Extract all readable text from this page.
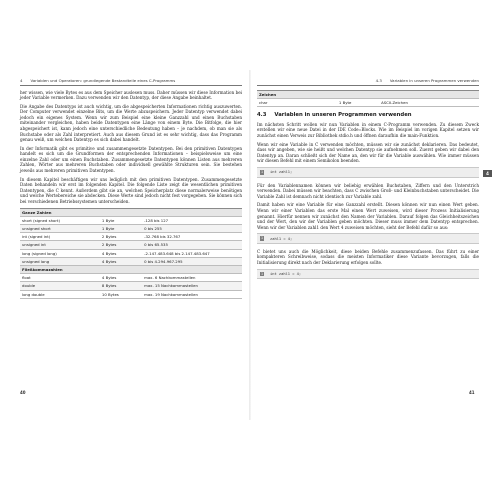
4 Variablen und Operatoren: grundlegende Bestandteile eines C-Programms

her wissen, wie viele Bytes es aus dem Speicher auslesen muss. Daher müssen wir diese Information bei jeder Variable vermerken. Dazu verwenden wir den Datentyp, der diese Angabe beinhaltet.

Die Angabe des Datentyps ist auch wichtig, um die abgespeicherten Informationen richtig auszuwerten. Der Computer verwendet einzelne Bits, um die Werte abzuspeichern. Jeder Datentyp verwendet dabei jedoch ein eigenes System. Wenn wir zum Beispiel eine kleine Ganzzahl und einen Buchstaben miteinander vergleichen, haben beide Datentypen eine Länge von einem Byte. Die Bitfolge, die hier abgespeichert ist, kann jedoch eine unterschiedliche Bedeutung haben – je nachdem, ob man sie als Buchstabe oder als Zahl interpretiert. Auch aus diesem Grund ist es sehr wichtig, dass das Programm genau weiß, um welchen Datentyp es sich dabei handelt.

In der Informatik gibt es primitive und zusammengesetzte Datentypen. Bei den primitiven Datentypen handelt es sich um die Grundformen der entsprechenden Informationen – beispielsweise um eine einzelne Zahl oder um einen Buchstaben. Zusammengesetzte Datentypen können Listen aus mehreren Zahlen, Wörter aus mehreren Buchstaben oder individuell gewählte Strukturen sein. Sie bestehen jeweils aus mehreren primitiven Datentypen.

In diesem Kapitel beschäftigen wir uns lediglich mit den primitiven Datentypen. Zusammengesetzte Daten behandeln wir erst im folgenden Kapitel. Die folgende Liste zeigt die wesentlichen primitiven Datentypen, die C kennt. Außerdem gibt sie an, welchen Speicherplatz diese normalerweise benötigen und welche Wertebereiche sie abdecken. Diese Werte sind jedoch nicht fest vorgegeben. Sie können sich bei verschiedenen Betriebssystemen unterscheiden.

Ganze Zahlen		
short (signed short)	1 Byte	-128 bis 127
unsigned short	1 Byte	0 bis 255
int (signed int)	2 Bytes	-32.768 bis 32.767
unsigned int	2 Bytes	0 bis 65.535
long (signed long)	4 Bytes	-2.147.483.648 bis 2.147.483.647
unsigned long	4 Bytes	0 bis 4.294.967.295
Fließkommazahlen		
float	4 Bytes	max. 6 Nachkommastellen
double	8 Bytes	max. 15 Nachkommastellen
long double	10 Bytes	max. 19 Nachkommastellen
40
4.3 Variablen in unseren Programmen verwenden
Zeichen
char	1 Byte	ASCII-Zeichen
4.3 Variablen in unseren Programmen verwenden

Im nächsten Schritt wollen wir nun Variablen in einem C-Programm verwenden. Zu diesem Zweck erstellen wir eine neue Datei in der IDE Code::Blocks. Wie im Beispiel im vorigen Kapitel setzen wir zunächst einen Verweis zur Bibliothek stdio.h und öffnen daraufhin die main-Funktion.

Wenn wir eine Variable in C verwenden möchten, müssen wir sie zunächst deklarieren. Das bedeutet, dass wir angeben, wie sie heißt und welchen Datentyp sie aufnehmen soll. Zuerst geben wir dabei den Datentyp an. Daran schließt sich der Name an, den wir für die Variable auswählen. Wie immer müssen wir diesen Befehl mit einem Semikolon beenden.

1 int zahl1;

Für den Variablennamen können wir beliebig erwählen Buchstaben, Ziffern und den Unterstrich verwenden. Dabei müssen wir beachten, dass C zwischen Groß- und Kleinbuchstaben unterscheidet. Die Variable Zahl ist demnach nicht identisch zur Variable zahl.

Damit haben wir eine Variable für eine Ganzzahl erstellt. Diesen können wir nun einen Wert geben. Wenn wir einer Variablen das erste Mal einen Wert zuweisen, wird dieser Prozess Initialisierung genannt. Hierfür nennen wir zunächst den Namen der Variablen. Darauf folgen das Gleichheitszeichen und der Wert, den wir der Variablen geben möchten. Dieser muss immer dem Datentyp entsprechen. Wenn wir der Variablen zahl1 den Wert 4 zuweisen möchten, sieht der Befehl dafür so aus:

1 zahl1 = 4;

C bietet uns auch die Möglichkeit, diese beiden Befehle zusammenzufassen. Das führt zu einer kompakteren Schreibweise, sodass die meisten Informatiker diese Variante bevorzugen, falls die Initialisierung direkt nach der Deklarierung erfolgen sollte.

1 int zahl1 = 4;
41
4
